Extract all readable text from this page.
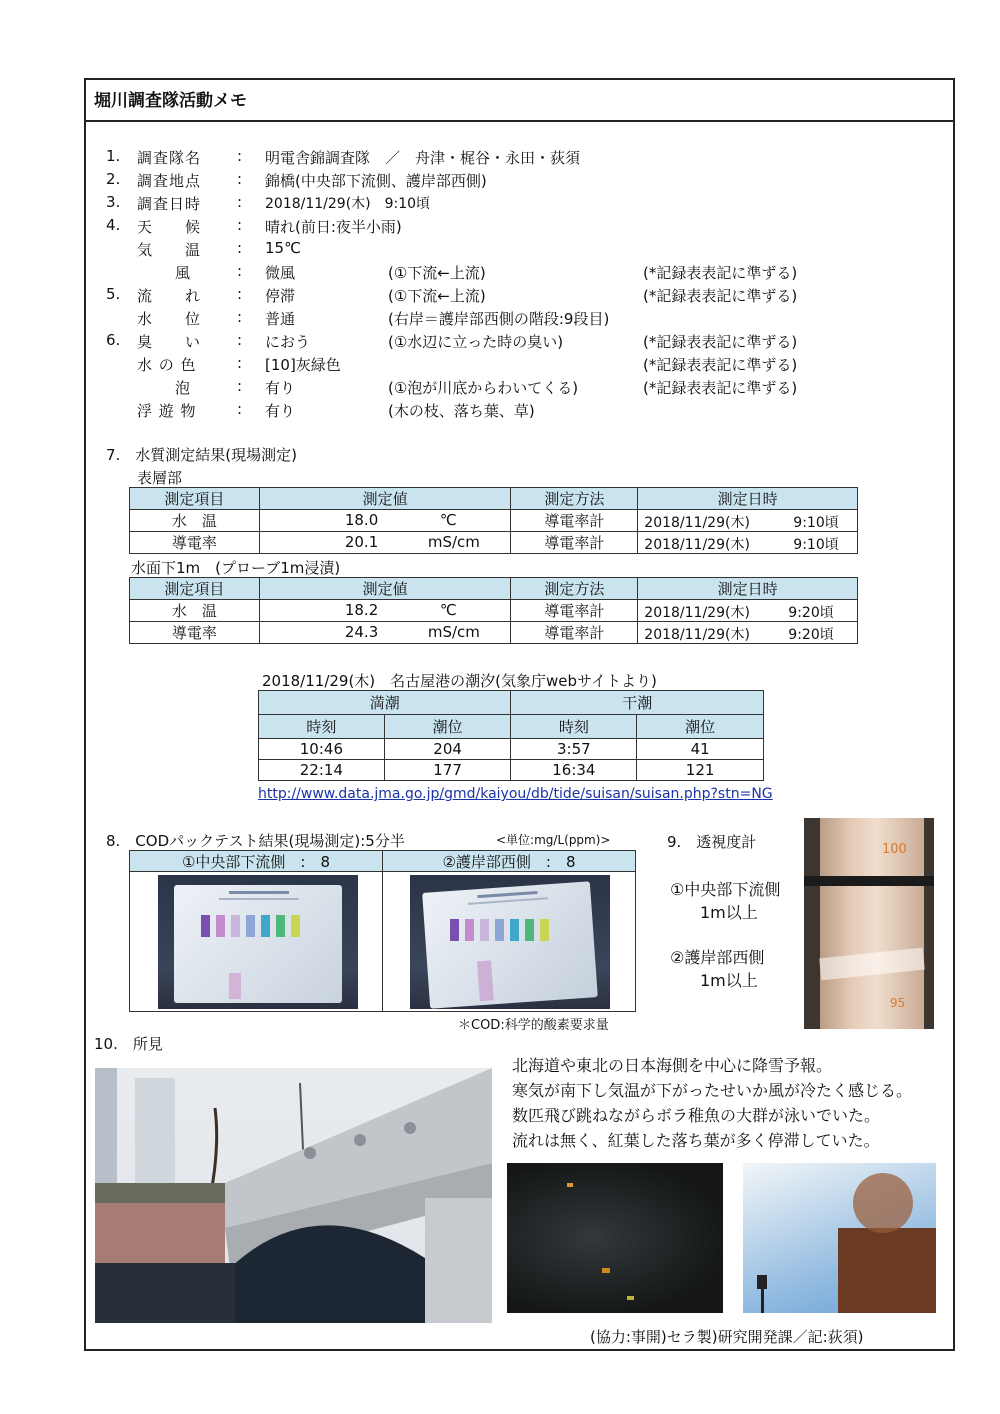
堀川調査隊活動メモ
1. 調査隊名 : 明電舎錦調査隊　／　舟津・梶谷・永田・荻須
2. 調査地点 : 錦橋(中央部下流側、護岸部西側)
3. 調査日時 : 2018/11/29(木)　9:10頃
4. 天　　候 : 晴れ(前日:夜半小雨)
気　　温 : 15℃
風	: 微風	(①下流←上流)	(*記録表表記に準ずる)
5. 流　　れ : 停滞	(①下流←上流)	(*記録表表記に準ずる)
水　　位 : 普通	(右岸＝護岸部西側の階段:9段目)
6. 臭　　い : におう	(①水辺に立った時の臭い)	(*記録表表記に準ずる)
水 の 色	: [10]灰緑色	(*記録表表記に準ずる)
泡	: 有り	(①泡が川底からわいてくる)	(*記録表表記に準ずる)
浮 遊 物	: 有り	(木の枝、落ち葉、草)
7.　水質測定結果(現場測定)
表層部
測定項目	測定値	測定方法	測定日時
水　温	18.0 ℃	導電率計	2018/11/29(木) 9:10頃

導電率	20.1 mS/cm	導電率計	2018/11/29(木) 9:10頃
水面下1m　(プローブ1m浸漬)
測定項目	測定値	測定方法	測定日時
水　温	18.2 ℃	導電率計	2018/11/29(木) 9:20頃

導電率	24.3 mS/cm	導電率計	2018/11/29(木) 9:20頃
2018/11/29(木)　名古屋港の潮汐(気象庁webサイトより)
満潮		干潮	
時刻	潮位	時刻	潮位
10:46	204	3:57	41
22:14	177	16:34	121
http://www.data.jma.go.jp/gmd/kaiyou/db/tide/suisan/suisan.php?stn=NG
8.　CODパックテスト結果(現場測定):5分半	<単位:mg/L(ppm)>
①中央部下流側　:　8	②護岸部西側　:　8
＊COD:科学的酸素要求量
9.　透視度計
①中央部下流側
1m以上
②護岸部西側
1m以上
100
95
10.　所見
北海道や東北の日本海側を中心に降雪予報。
寒気が南下し気温が下がったせいか風が冷たく感じる。
数匹飛び跳ねながらボラ稚魚の大群が泳いでいた。
流れは無く、紅葉した落ち葉が多く停滞していた。
(協力:事開)セラ製)研究開発課／記:荻須)
